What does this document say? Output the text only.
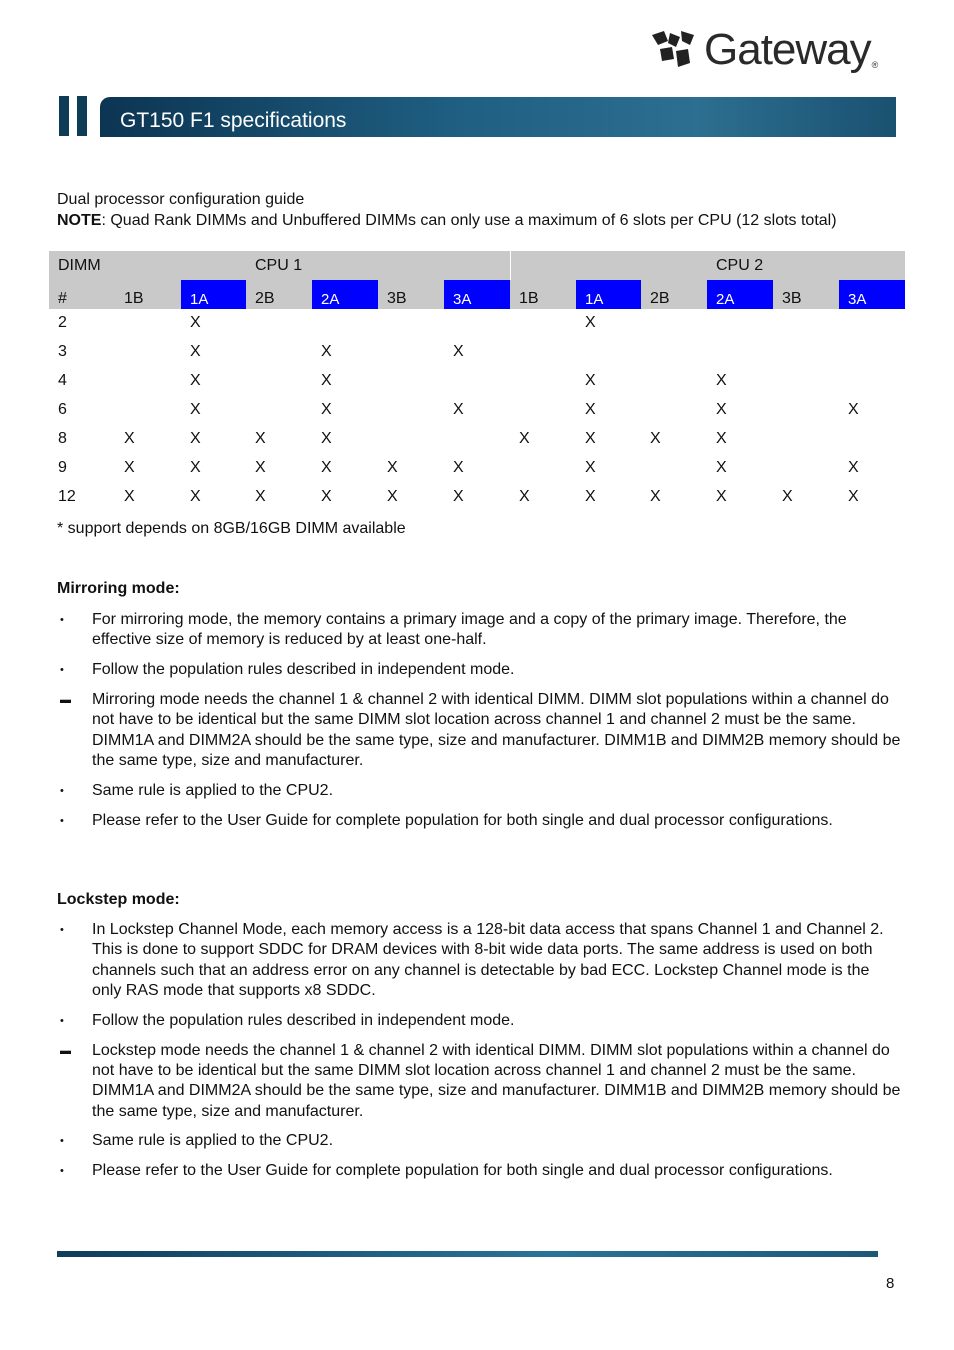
Gateway ®
GT150 F1 specifications
Dual processor configuration guide
NOTE: Quad Rank DIMMs and Unbuffered DIMMs can only use a maximum of 6 slots per CPU (12 slots total)
DIMM			CPU 1							CPU 2		
#	1B	1A	2B	2A	3B	3A	1B	1A	2B	2A	3B	3A
2		X						X				
3		X		X		X						
4		X		X				X		X		
6		X		X		X		X		X		X
8	X	X	X	X			X	X	X	X		
9	X	X	X	X	X	X		X		X		X
12	X	X	X	X	X	X	X	X	X	X	X	X
* support depends on 8GB/16GB DIMM available
Mirroring mode:
• For mirroring mode, the memory contains a primary image and a copy of the primary image. Therefore, the effective size of memory is reduced by at least one-half.
• Follow the population rules described in independent mode.
▬ Mirroring mode needs the channel 1 & channel 2 with identical DIMM. DIMM slot populations within a channel do not have to be identical but the same DIMM slot location across channel 1 and channel 2 must be the same. DIMM1A and DIMM2A should be the same type, size and manufacturer. DIMM1B and DIMM2B memory should be the same type, size and manufacturer.
• Same rule is applied to the CPU2.
• Please refer to the User Guide for complete population for both single and dual processor configurations.
Lockstep mode:
• In Lockstep Channel Mode, each memory access is a 128-bit data access that spans Channel 1 and Channel 2. This is done to support SDDC for DRAM devices with 8-bit wide data ports. The same address is used on both channels such that an address error on any channel is detectable by bad ECC. Lockstep Channel mode is the only RAS mode that supports x8 SDDC.
• Follow the population rules described in independent mode.
▬ Lockstep mode needs the channel 1 & channel 2 with identical DIMM. DIMM slot populations within a channel do not have to be identical but the same DIMM slot location across channel 1 and channel 2 must be the same. DIMM1A and DIMM2A should be the same type, size and manufacturer. DIMM1B and DIMM2B memory should be the same type, size and manufacturer.
• Same rule is applied to the CPU2.
• Please refer to the User Guide for complete population for both single and dual processor configurations.
8
